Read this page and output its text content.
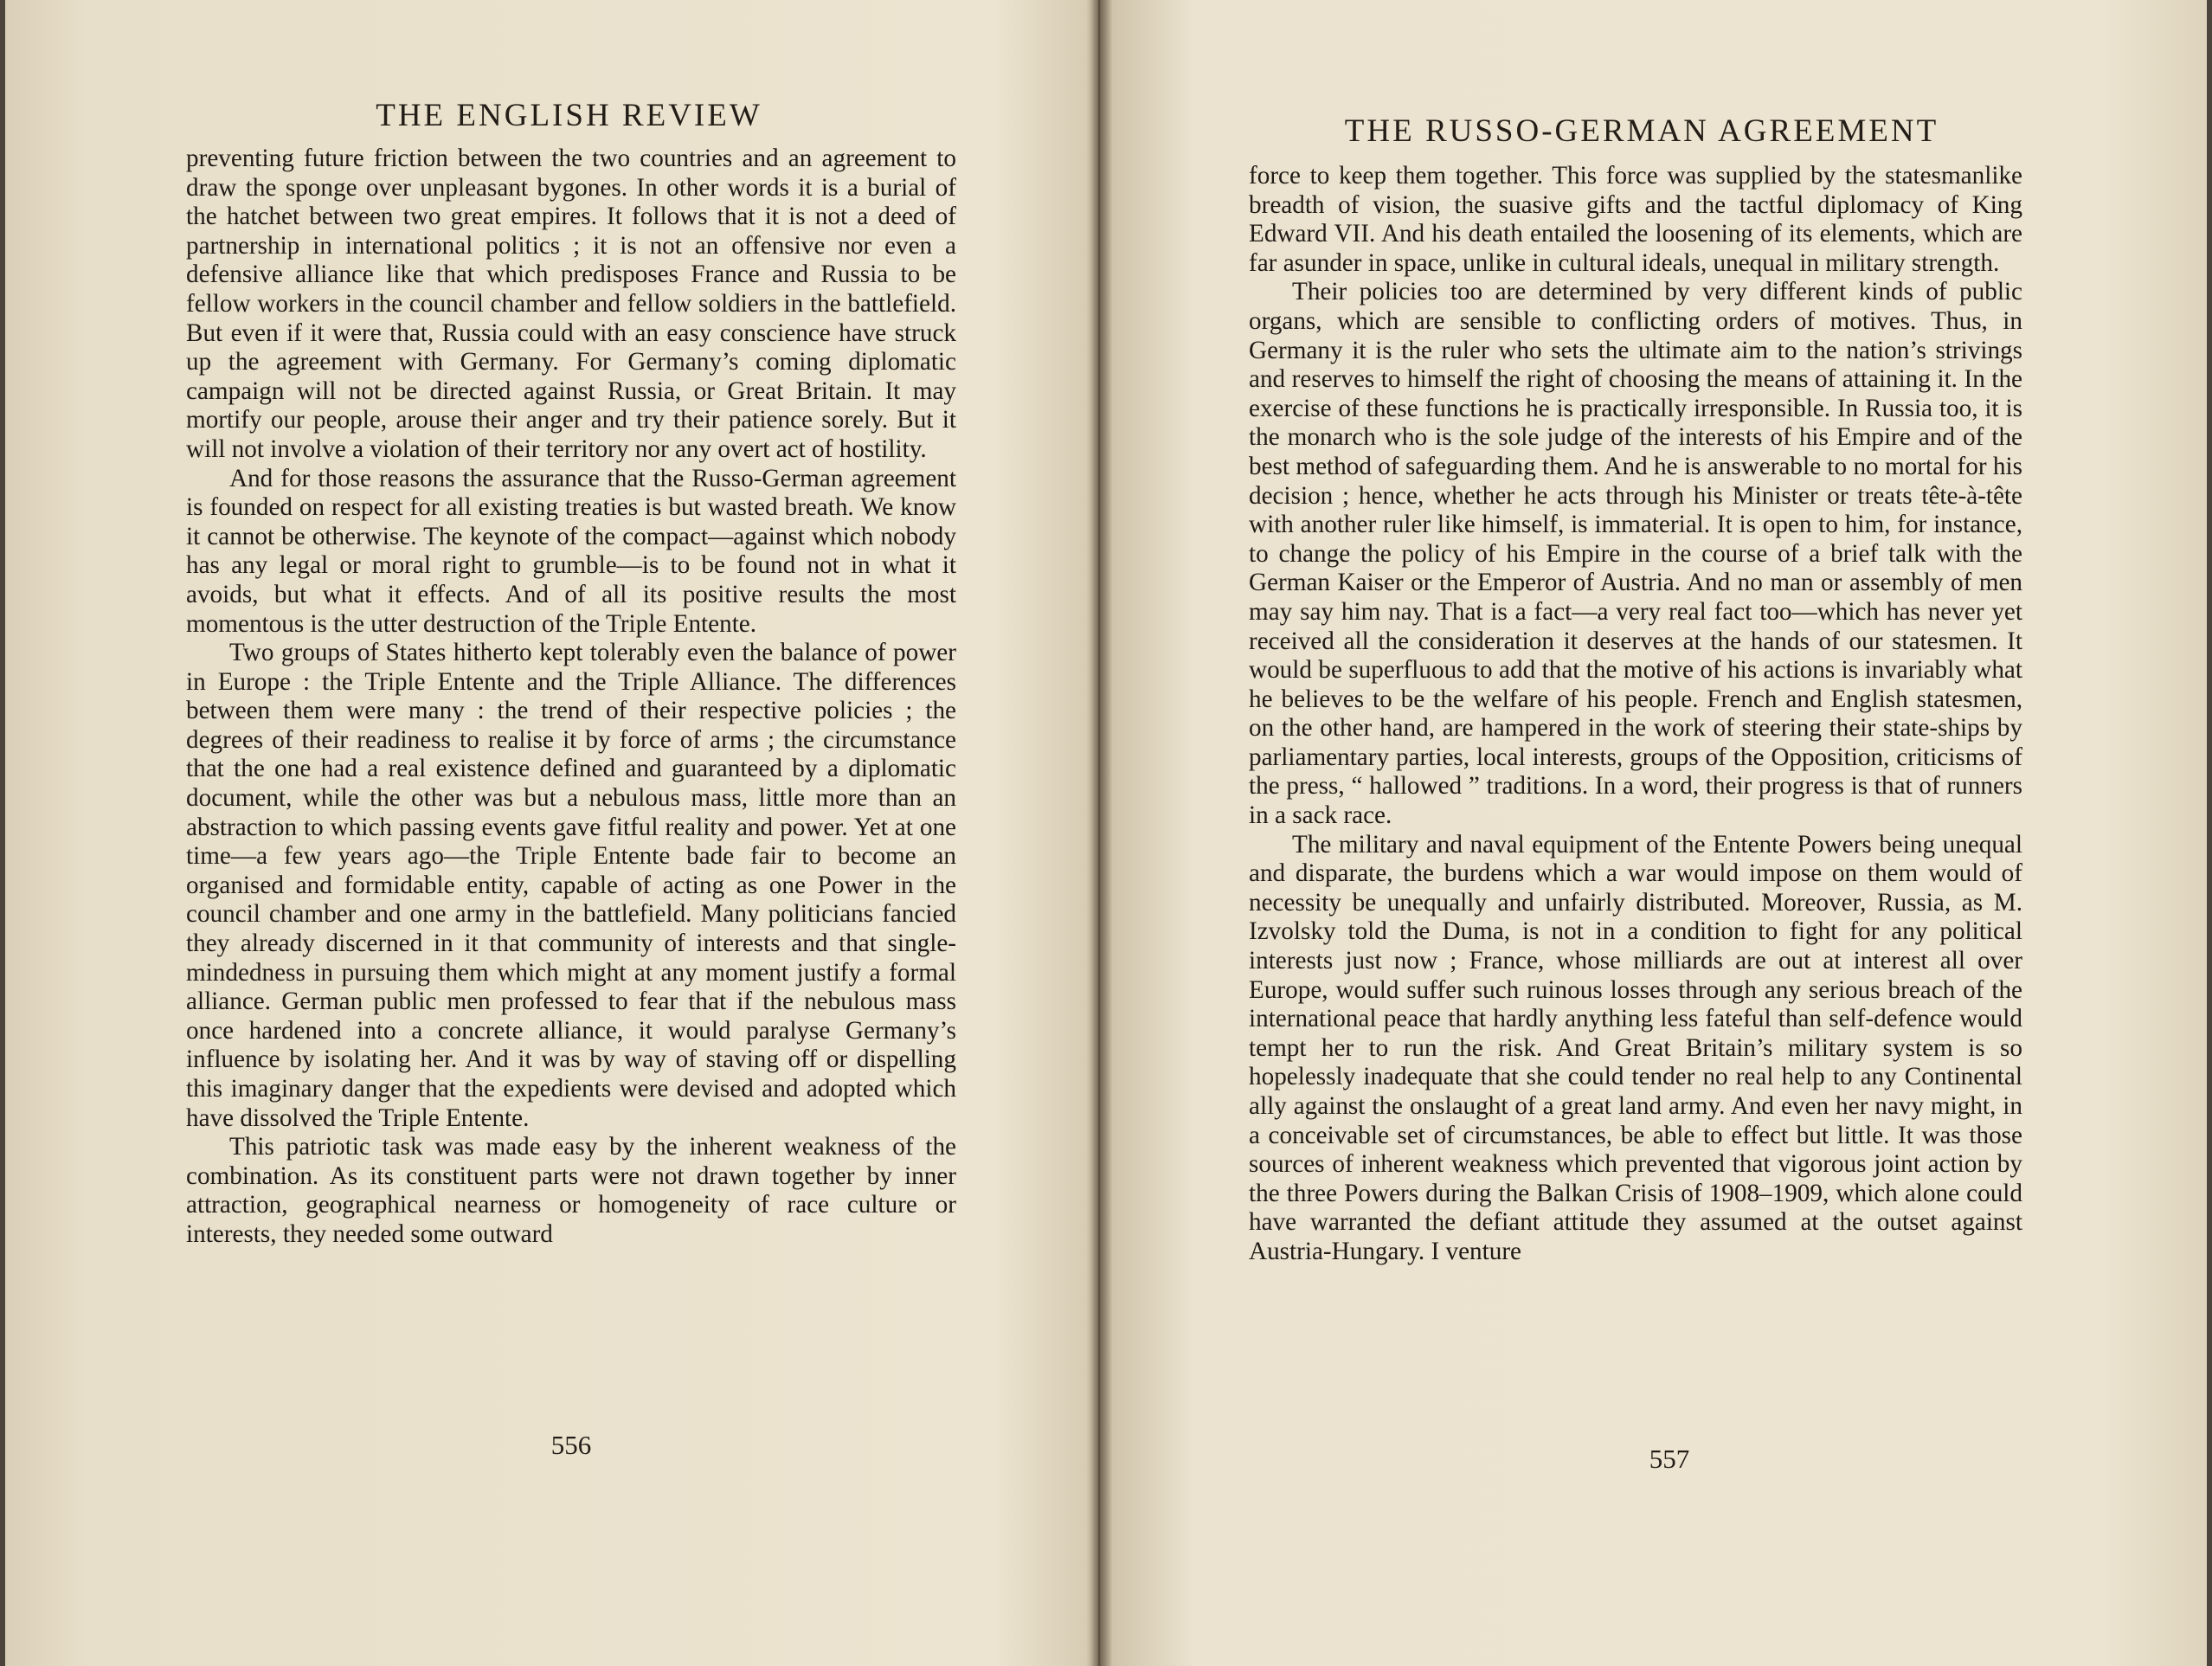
THE ENGLISH REVIEW

preventing future friction between the two countries and an agreement to draw the sponge over unpleasant bygones. In other words it is a burial of the hatchet between two great empires. It follows that it is not a deed of partnership in international politics ; it is not an offensive nor even a defensive alliance like that which predisposes France and Russia to be fellow workers in the council chamber and fellow soldiers in the battlefield. But even if it were that, Russia could with an easy conscience have struck up the agreement with Germany. For Germany’s coming diplomatic campaign will not be directed against Russia, or Great Britain. It may mortify our people, arouse their anger and try their patience sorely. But it will not involve a violation of their territory nor any overt act of hostility.

And for those reasons the assurance that the Russo-German agreement is founded on respect for all existing treaties is but wasted breath. We know it cannot be otherwise. The keynote of the compact—against which nobody has any legal or moral right to grumble—is to be found not in what it avoids, but what it effects. And of all its positive results the most momentous is the utter destruction of the Triple Entente.

Two groups of States hitherto kept tolerably even the balance of power in Europe : the Triple Entente and the Triple Alliance. The differences between them were many : the trend of their respective policies ; the degrees of their readiness to realise it by force of arms ; the circumstance that the one had a real existence defined and guaranteed by a diplomatic document, while the other was but a nebulous mass, little more than an abstraction to which passing events gave fitful reality and power. Yet at one time—a few years ago—the Triple Entente bade fair to become an organised and formidable entity, capable of acting as one Power in the council chamber and one army in the battlefield. Many politicians fancied they already discerned in it that community of interests and that single-mindedness in pursuing them which might at any moment justify a formal alliance. German public men professed to fear that if the nebulous mass once hardened into a concrete alliance, it would paralyse Germany’s influence by isolating her. And it was by way of staving off or dispelling this imaginary danger that the expedients were devised and adopted which have dissolved the Triple Entente.

This patriotic task was made easy by the inherent weakness of the combination. As its constituent parts were not drawn together by inner attraction, geographical nearness or homogeneity of race culture or interests, they needed some outward

556
THE RUSSO-GERMAN AGREEMENT

force to keep them together. This force was supplied by the statesmanlike breadth of vision, the suasive gifts and the tactful diplomacy of King Edward VII. And his death entailed the loosening of its elements, which are far asunder in space, unlike in cultural ideals, unequal in military strength.

Their policies too are determined by very different kinds of public organs, which are sensible to conflicting orders of motives. Thus, in Germany it is the ruler who sets the ultimate aim to the nation’s strivings and reserves to himself the right of choosing the means of attaining it. In the exercise of these functions he is practically irresponsible. In Russia too, it is the monarch who is the sole judge of the interests of his Empire and of the best method of safeguarding them. And he is answerable to no mortal for his decision ; hence, whether he acts through his Minister or treats tête-à-tête with another ruler like himself, is immaterial. It is open to him, for instance, to change the policy of his Empire in the course of a brief talk with the German Kaiser or the Emperor of Austria. And no man or assembly of men may say him nay. That is a fact—a very real fact too—which has never yet received all the consideration it deserves at the hands of our statesmen. It would be superfluous to add that the motive of his actions is invariably what he believes to be the welfare of his people. French and English statesmen, on the other hand, are hampered in the work of steering their state-ships by parliamentary parties, local interests, groups of the Opposition, criticisms of the press, “ hallowed ” traditions. In a word, their progress is that of runners in a sack race.

The military and naval equipment of the Entente Powers being unequal and disparate, the burdens which a war would impose on them would of necessity be unequally and unfairly distributed. Moreover, Russia, as M. Izvolsky told the Duma, is not in a condition to fight for any political interests just now ; France, whose milliards are out at interest all over Europe, would suffer such ruinous losses through any serious breach of the international peace that hardly anything less fateful than self-defence would tempt her to run the risk. And Great Britain’s military system is so hopelessly inadequate that she could tender no real help to any Continental ally against the onslaught of a great land army. And even her navy might, in a conceivable set of circumstances, be able to effect but little. It was those sources of inherent weakness which prevented that vigorous joint action by the three Powers during the Balkan Crisis of 1908–1909, which alone could have warranted the defiant attitude they assumed at the outset against Austria-Hungary. I venture

557
